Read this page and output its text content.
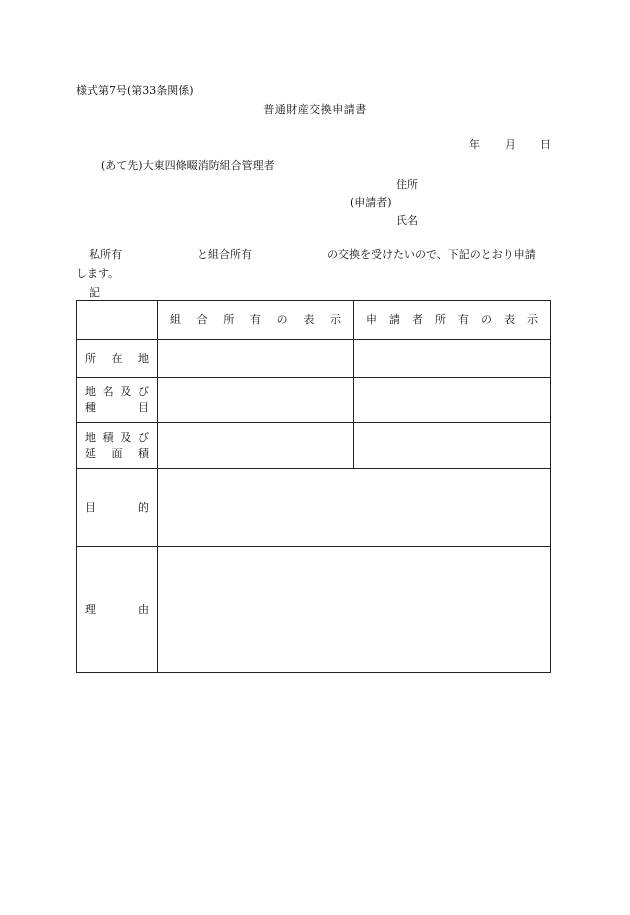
様式第7号(第33条関係)
普通財産交換申請書
年 月 日
(あて先)大東四條畷消防組合管理者
住所
(申請者)
氏名
私所有	と組合所有	の交換を受けたいので、下記のとおり申請
します。
記
	組合所有の表示	申請者所有の表示

所在地		

地名及び
種目		

地積及び
延面積		

目的		

理由		
